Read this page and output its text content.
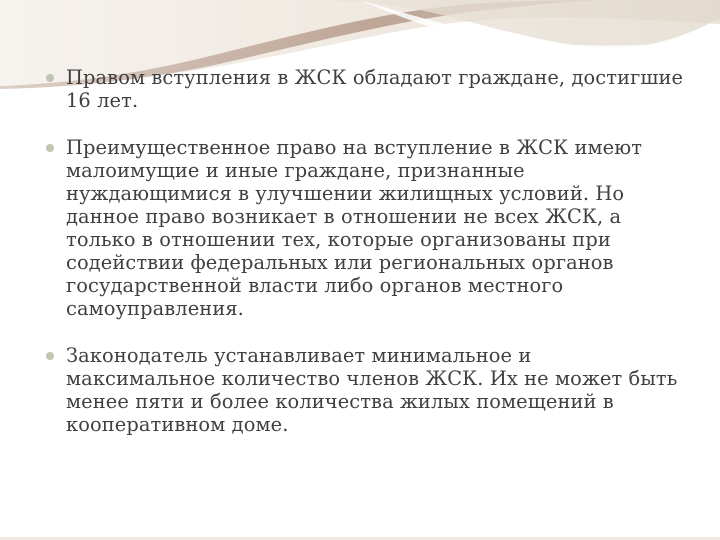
Правом вступления в ЖСК обладают граждане, достигшие 16 лет.
Преимущественное право на вступление в ЖСК имеют малоимущие и иные граждане, признанные нуждающимися в улучшении жилищных условий. Но данное право возникает в отношении не всех ЖСК, а только в отношении тех, которые организованы при содействии федеральных или региональных органов государственной власти либо органов местного самоуправления.
Законодатель устанавливает минимальное и максимальное количество членов ЖСК. Их не может быть менее пяти и более количества жилых помещений в кооперативном доме.
